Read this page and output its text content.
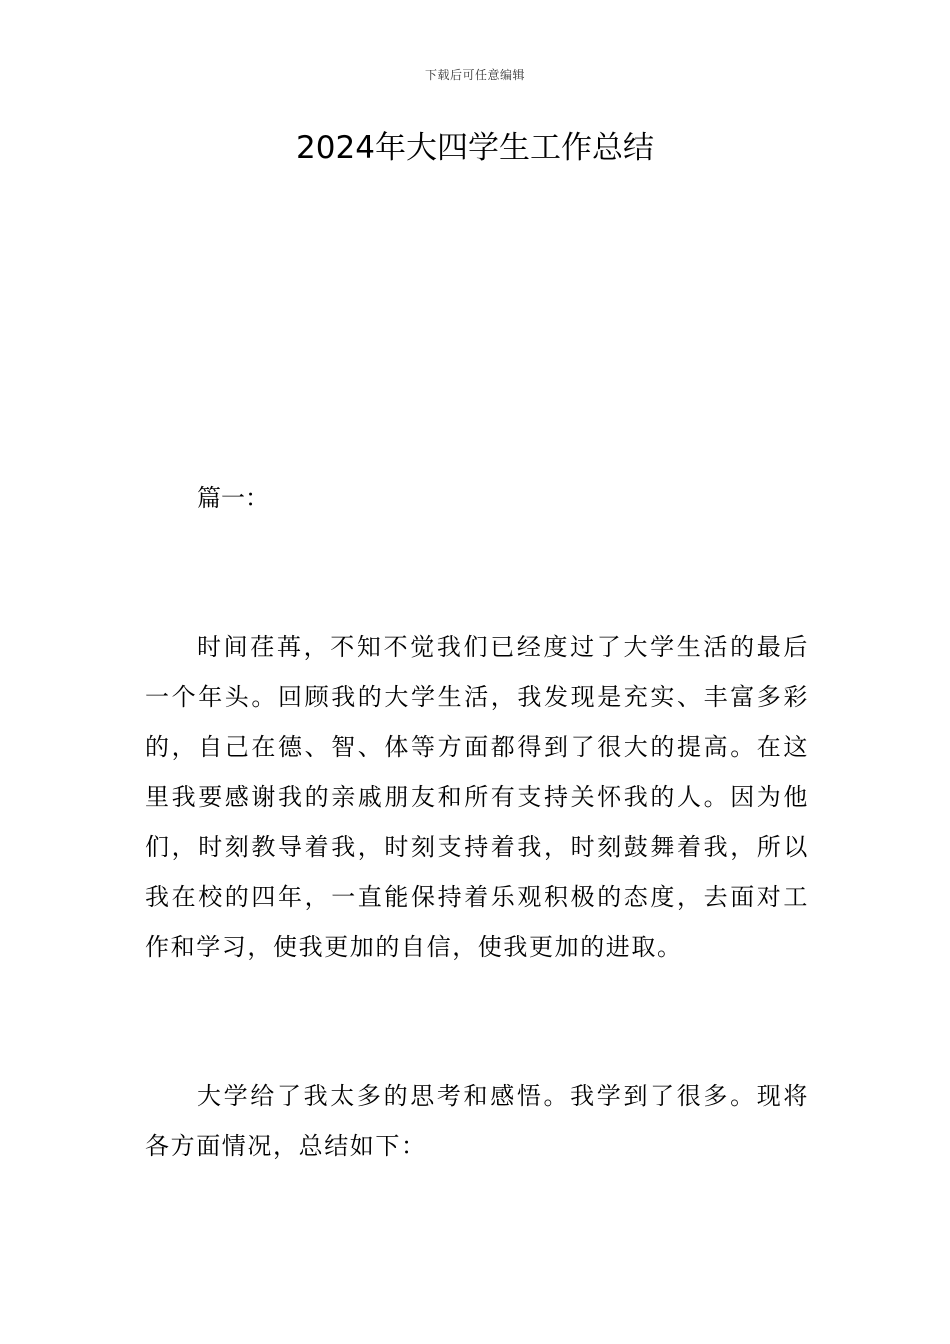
下载后可任意编辑
2024年大四学生工作总结
篇一：

时间荏苒，不知不觉我们已经度过了大学生活的最后一个年头。回顾我的大学生活，我发现是充实、丰富多彩的，自己在德、智、体等方面都得到了很大的提高。在这里我要感谢我的亲戚朋友和所有支持关怀我的人。因为他们，时刻教导着我，时刻支持着我，时刻鼓舞着我，所以我在校的四年，一直能保持着乐观积极的态度，去面对工作和学习，使我更加的自信，使我更加的进取。

大学给了我太多的思考和感悟。我学到了很多。现将各方面情况，总结如下：
